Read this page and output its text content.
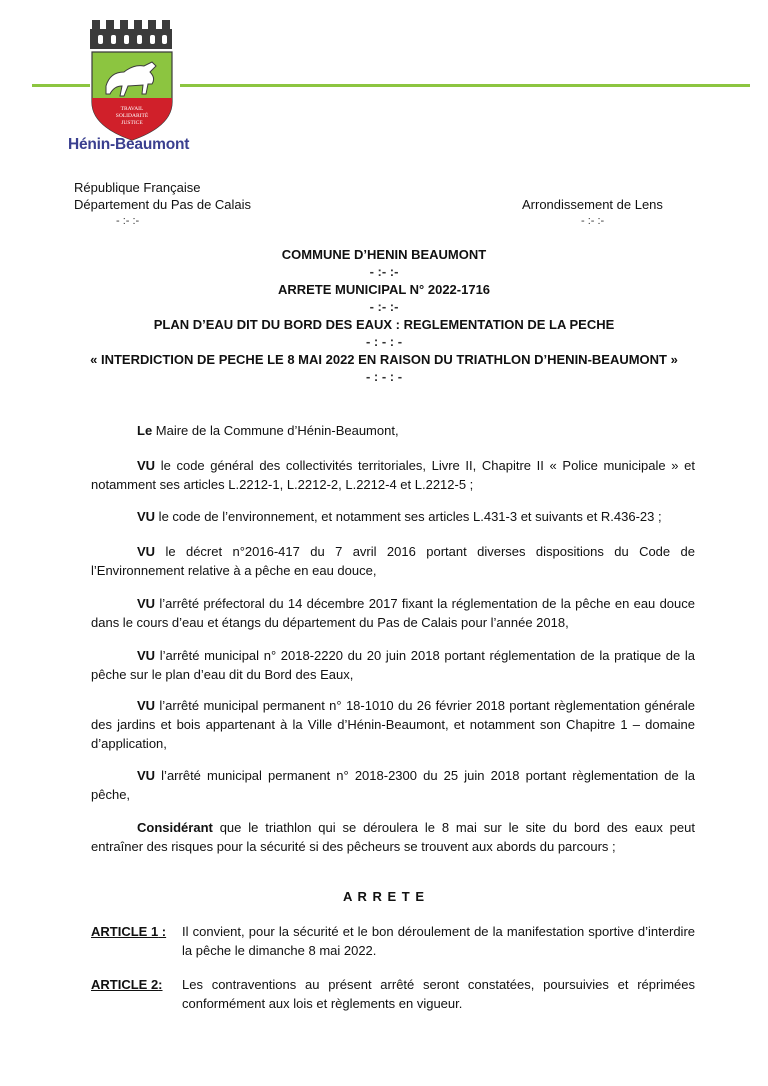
TRAVAIL
SOLIDARITÉ
JUSTICE
Hénin-Beaumont
République Française
Département du Pas de Calais
- :- :-
Arrondissement de Lens
- :- :-
COMMUNE D’HENIN BEAUMONT
- :- :-
ARRETE MUNICIPAL N° 2022-1716
- :- :-
PLAN D’EAU DIT DU BORD DES EAUX : REGLEMENTATION DE LA PECHE
- : - : -
« INTERDICTION DE PECHE LE 8 MAI 2022 EN RAISON DU TRIATHLON D’HENIN-BEAUMONT »
- : - : -
Le Maire de la Commune d’Hénin-Beaumont,
VU le code général des collectivités territoriales, Livre II, Chapitre II « Police municipale » et notamment ses articles L.2212-1, L.2212-2, L.2212-4 et L.2212-5 ;
VU le code de l’environnement, et notamment ses articles L.431-3 et suivants et R.436-23 ;
VU le décret n°2016-417 du 7 avril 2016 portant diverses dispositions du Code de l’Environnement relative à a pêche en eau douce,
VU l’arrêté préfectoral du 14 décembre 2017 fixant la réglementation de la pêche en eau douce dans le cours d’eau et étangs du département du Pas de Calais pour l’année 2018,
VU l’arrêté municipal n° 2018-2220 du 20 juin 2018 portant réglementation de la pratique de la pêche sur le plan d’eau dit du Bord des Eaux,
VU l’arrêté municipal permanent n° 18-1010 du 26 février 2018 portant règlementation générale des jardins et bois appartenant à la Ville d’Hénin-Beaumont, et notamment son Chapitre 1 – domaine d’application,
VU l’arrêté municipal permanent n° 2018-2300 du 25 juin 2018 portant règlementation de la pêche,
Considérant que le triathlon qui se déroulera le 8 mai sur le site du bord des eaux peut entraîner des risques pour la sécurité si des pêcheurs se trouvent aux abords du parcours ;
A R R E T E
ARTICLE 1 : Il convient, pour la sécurité et le bon déroulement de la manifestation sportive d’interdire la pêche le dimanche 8 mai 2022.
ARTICLE 2: Les contraventions au présent arrêté seront constatées, poursuivies et réprimées conformément aux lois et règlements en vigueur.
